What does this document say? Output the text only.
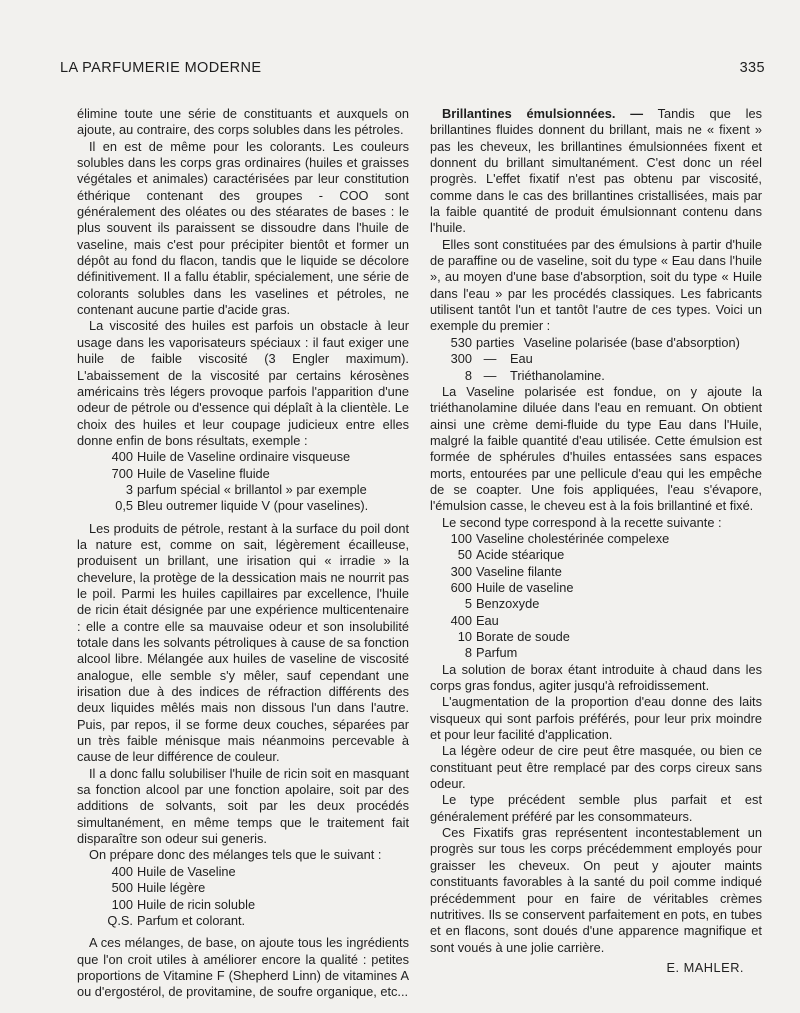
LA PARFUMERIE MODERNE	335

élimine toute une série de constituants et auxquels on ajoute, au contraire, des corps solubles dans les pétroles.

Il en est de même pour les colorants. Les couleurs solubles dans les corps gras ordinaires (huiles et graisses végétales et animales) caractérisées par leur constitution éthérique contenant des groupes - COO sont généralement des oléates ou des stéarates de bases : le plus souvent ils paraissent se dissoudre dans l'huile de vaseline, mais c'est pour précipiter bientôt et former un dépôt au fond du flacon, tandis que le liquide se décolore définitivement. Il a fallu établir, spécialement, une série de colorants solubles dans les vaselines et pétroles, ne contenant aucune partie d'acide gras.

La viscosité des huiles est parfois un obstacle à leur usage dans les vaporisateurs spéciaux : il faut exiger une huile de faible viscosité (3 Engler maximum). L'abaissement de la viscosité par certains kérosènes américains très légers provoque parfois l'apparition d'une odeur de pétrole ou d'essence qui déplaît à la clientèle. Le choix des huiles et leur coupage judicieux entre elles donne enfin de bons résultats, exemple :

400 Huile de Vaseline ordinaire visqueuse
700 Huile de Vaseline fluide
3 parfum spécial « brillantol » par exemple
0,5 Bleu outremer liquide V (pour vaselines).

Les produits de pétrole, restant à la surface du poil dont la nature est, comme on sait, légèrement écailleuse, produisent un brillant, une irisation qui « irradie » la chevelure, la protège de la dessication mais ne nourrit pas le poil. Parmi les huiles capillaires par excellence, l'huile de ricin était désignée par une expérience multicentenaire : elle a contre elle sa mauvaise odeur et son insolubilité totale dans les solvants pétroliques à cause de sa fonction alcool libre. Mélangée aux huiles de vaseline de viscosité analogue, elle semble s'y mêler, sauf cependant une irisation due à des indices de réfraction différents des deux liquides mêlés mais non dissous l'un dans l'autre. Puis, par repos, il se forme deux couches, séparées par un très faible ménisque mais néanmoins percevable à cause de leur différence de couleur.

Il a donc fallu solubiliser l'huile de ricin soit en masquant sa fonction alcool par une fonction apolaire, soit par des additions de solvants, soit par les deux procédés simultanément, en même temps que le traitement fait disparaître son odeur sui generis.

On prépare donc des mélanges tels que le suivant :

400 Huile de Vaseline
500 Huile légère
100 Huile de ricin soluble
Q.S. Parfum et colorant.

A ces mélanges, de base, on ajoute tous les ingrédients que l'on croit utiles à améliorer encore la qualité : petites proportions de Vitamine F (Shepherd Linn) de vitamines A ou d'ergostérol, de provitamine, de soufre organique, etc...

Brillantines émulsionnées. — Tandis que les brillantines fluides donnent du brillant, mais ne « fixent » pas les cheveux, les brillantines émulsionnées fixent et donnent du brillant simultanément. C'est donc un réel progrès. L'effet fixatif n'est pas obtenu par viscosité, comme dans le cas des brillantines cristallisées, mais par la faible quantité de produit émulsionnant contenu dans l'huile.

Elles sont constituées par des émulsions à partir d'huile de paraffine ou de vaseline, soit du type « Eau dans l'huile », au moyen d'une base d'absorption, soit du type « Huile dans l'eau » par les procédés classiques. Les fabricants utilisent tantôt l'un et tantôt l'autre de ces types. Voici un exemple du premier :

530 parties Vaseline polarisée (base d'absorption)
300 — Eau
8 — Triéthanolamine.

La Vaseline polarisée est fondue, on y ajoute la triéthanolamine diluée dans l'eau en remuant. On obtient ainsi une crème demi-fluide du type Eau dans l'Huile, malgré la faible quantité d'eau utilisée. Cette émulsion est formée de sphérules d'huiles entassées sans espaces morts, entourées par une pellicule d'eau qui les empêche de se coapter. Une fois appliquées, l'eau s'évapore, l'émulsion casse, le cheveu est à la fois brillantiné et fixé.

Le second type correspond à la recette suivante :

100 Vaseline cholestérinée compelexe
50 Acide stéarique
300 Vaseline filante
600 Huile de vaseline
5 Benzoxyde
400 Eau
10 Borate de soude
8 Parfum

La solution de borax étant introduite à chaud dans les corps gras fondus, agiter jusqu'à refroidissement.

L'augmentation de la proportion d'eau donne des laits visqueux qui sont parfois préférés, pour leur prix moindre et pour leur facilité d'application.

La légère odeur de cire peut être masquée, ou bien ce constituant peut être remplacé par des corps cireux sans odeur.

Le type précédent semble plus parfait et est généralement préféré par les consommateurs.

Ces Fixatifs gras représentent incontestablement un progrès sur tous les corps précédemment employés pour graisser les cheveux. On peut y ajouter maints constituants favorables à la santé du poil comme indiqué précédemment pour en faire de véritables crèmes nutritives. Ils se conservent parfaitement en pots, en tubes et en flacons, sont doués d'une apparence magnifique et sont voués à une jolie carrière.

E. MAHLER.
